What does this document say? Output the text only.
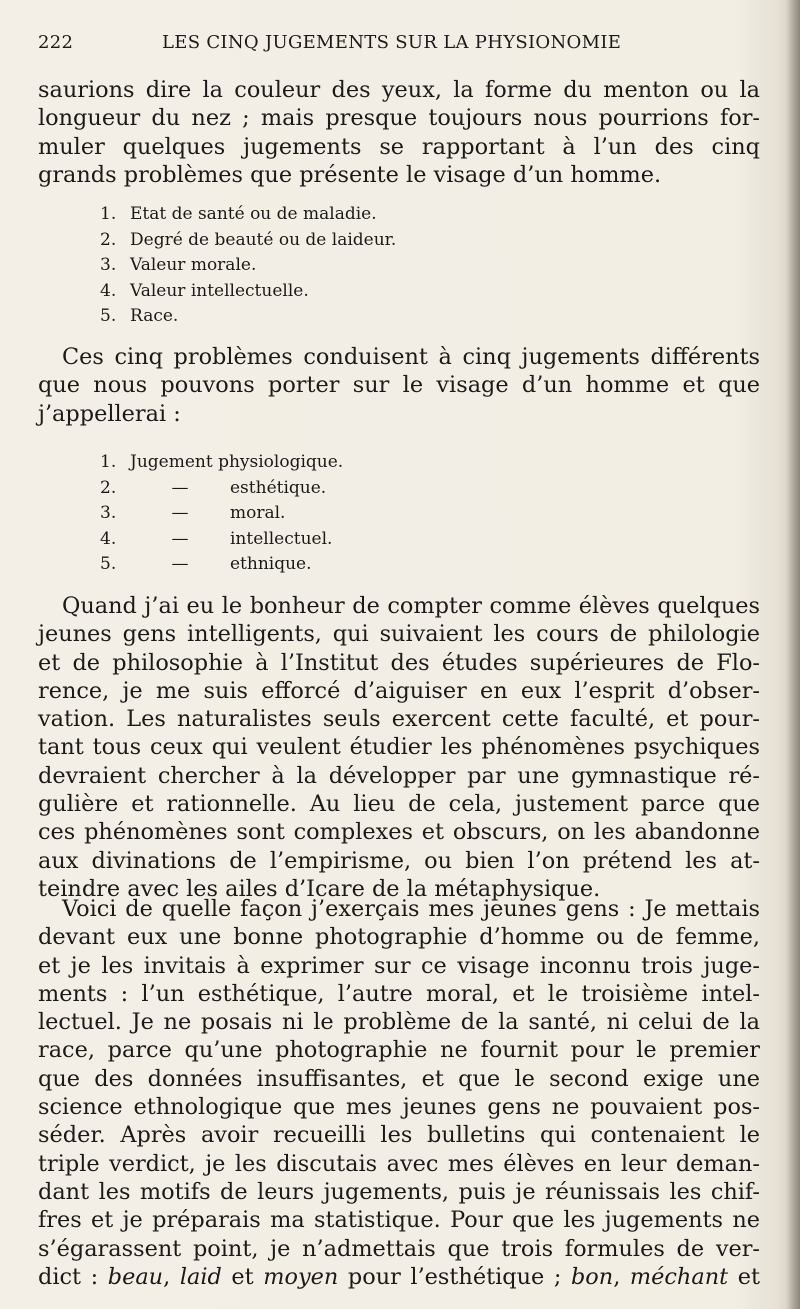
222	LES CINQ JUGEMENTS SUR LA PHYSIONOMIE
saurions dire la couleur des yeux, la forme du menton ou la
longueur du nez ; mais presque toujours nous pourrions for-
muler quelques jugements se rapportant à l’un des cinq
grands problèmes que présente le visage d’un homme.
1. Etat de santé ou de maladie.
2. Degré de beauté ou de laideur.
3. Valeur morale.
4. Valeur intellectuelle.
5. Race.
Ces cinq problèmes conduisent à cinq jugements différents
que nous pouvons porter sur le visage d’un homme et que
j’appellerai :
1. Jugement physiologique.
2.	—	esthétique.
3.	—	moral.
4.	—	intellectuel.
5.	—	ethnique.
Quand j’ai eu le bonheur de compter comme élèves quelques
jeunes gens intelligents, qui suivaient les cours de philologie
et de philosophie à l’Institut des études supérieures de Flo-
rence, je me suis efforcé d’aiguiser en eux l’esprit d’obser-
vation. Les naturalistes seuls exercent cette faculté, et pour-
tant tous ceux qui veulent étudier les phénomènes psychiques
devraient chercher à la développer par une gymnastique ré-
gulière et rationnelle. Au lieu de cela, justement parce que
ces phénomènes sont complexes et obscurs, on les abandonne
aux divinations de l’empirisme, ou bien l’on prétend les at-
teindre avec les ailes d’Icare de la métaphysique.
Voici de quelle façon j’exerçais mes jeunes gens : Je mettais
devant eux une bonne photographie d’homme ou de femme,
et je les invitais à exprimer sur ce visage inconnu trois juge-
ments : l’un esthétique, l’autre moral, et le troisième intel-
lectuel. Je ne posais ni le problème de la santé, ni celui de la
race, parce qu’une photographie ne fournit pour le premier
que des données insuffisantes, et que le second exige une
science ethnologique que mes jeunes gens ne pouvaient pos-
séder. Après avoir recueilli les bulletins qui contenaient le
triple verdict, je les discutais avec mes élèves en leur deman-
dant les motifs de leurs jugements, puis je réunissais les chif-
fres et je préparais ma statistique. Pour que les jugements ne
s’égarassent point, je n’admettais que trois formules de ver-
dict : beau, laid et moyen pour l’esthétique ; bon, méchant et
